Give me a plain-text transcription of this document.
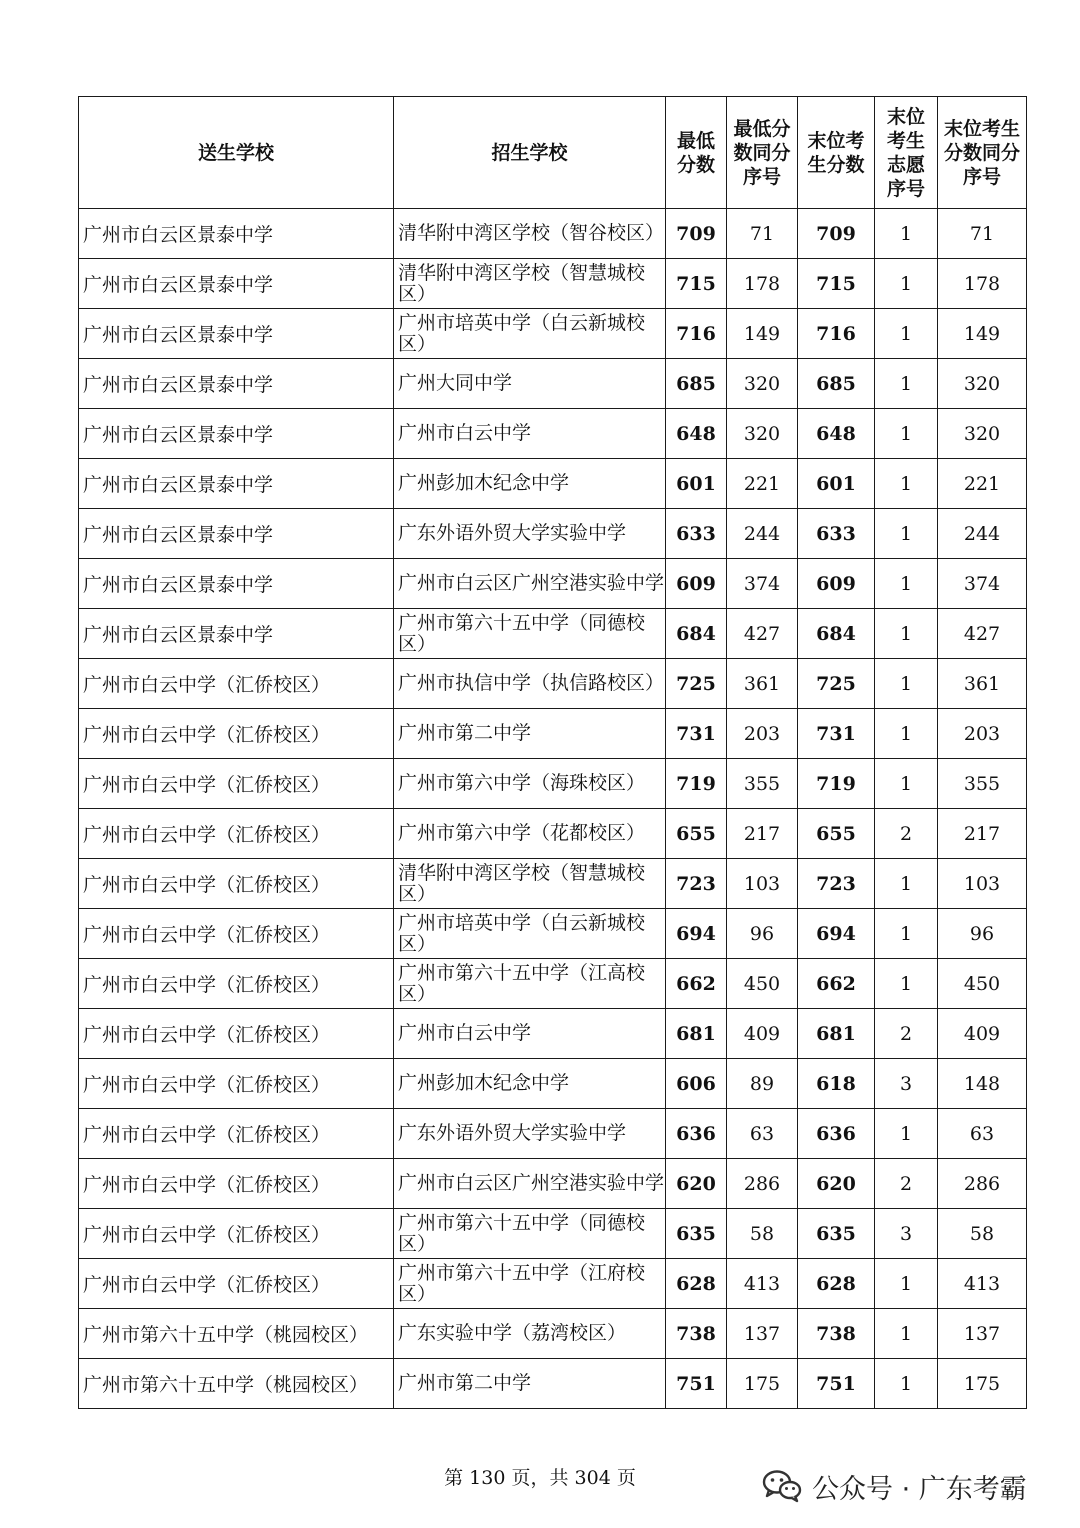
送生学校	招生学校	最低分数	最低分数同分序号	末位考生分数	末位考生志愿序号	末位考生分数同分序号
广州市白云区景泰中学	清华附中湾区学校（智谷校区）	709	71	709	1	71
广州市白云区景泰中学	清华附中湾区学校（智慧城校区）	715	178	715	1	178
广州市白云区景泰中学	广州市培英中学（白云新城校区）	716	149	716	1	149
广州市白云区景泰中学	广州大同中学	685	320	685	1	320
广州市白云区景泰中学	广州市白云中学	648	320	648	1	320
广州市白云区景泰中学	广州彭加木纪念中学	601	221	601	1	221
广州市白云区景泰中学	广东外语外贸大学实验中学	633	244	633	1	244
广州市白云区景泰中学	广州市白云区广州空港实验中学	609	374	609	1	374
广州市白云区景泰中学	广州市第六十五中学（同德校区）	684	427	684	1	427
广州市白云中学（汇侨校区）	广州市执信中学（执信路校区）	725	361	725	1	361
广州市白云中学（汇侨校区）	广州市第二中学	731	203	731	1	203
广州市白云中学（汇侨校区）	广州市第六中学（海珠校区）	719	355	719	1	355
广州市白云中学（汇侨校区）	广州市第六中学（花都校区）	655	217	655	2	217
广州市白云中学（汇侨校区）	清华附中湾区学校（智慧城校区）	723	103	723	1	103
广州市白云中学（汇侨校区）	广州市培英中学（白云新城校区）	694	96	694	1	96
广州市白云中学（汇侨校区）	广州市第六十五中学（江高校区）	662	450	662	1	450
广州市白云中学（汇侨校区）	广州市白云中学	681	409	681	2	409
广州市白云中学（汇侨校区）	广州彭加木纪念中学	606	89	618	3	148
广州市白云中学（汇侨校区）	广东外语外贸大学实验中学	636	63	636	1	63
广州市白云中学（汇侨校区）	广州市白云区广州空港实验中学	620	286	620	2	286
广州市白云中学（汇侨校区）	广州市第六十五中学（同德校区）	635	58	635	3	58
广州市白云中学（汇侨校区）	广州市第六十五中学（江府校区）	628	413	628	1	413
广州市第六十五中学（桃园校区）	广东实验中学（荔湾校区）	738	137	738	1	137
广州市第六十五中学（桃园校区）	广州市第二中学	751	175	751	1	175
第 130 页，共 304 页	公众号 · 广东考霸
